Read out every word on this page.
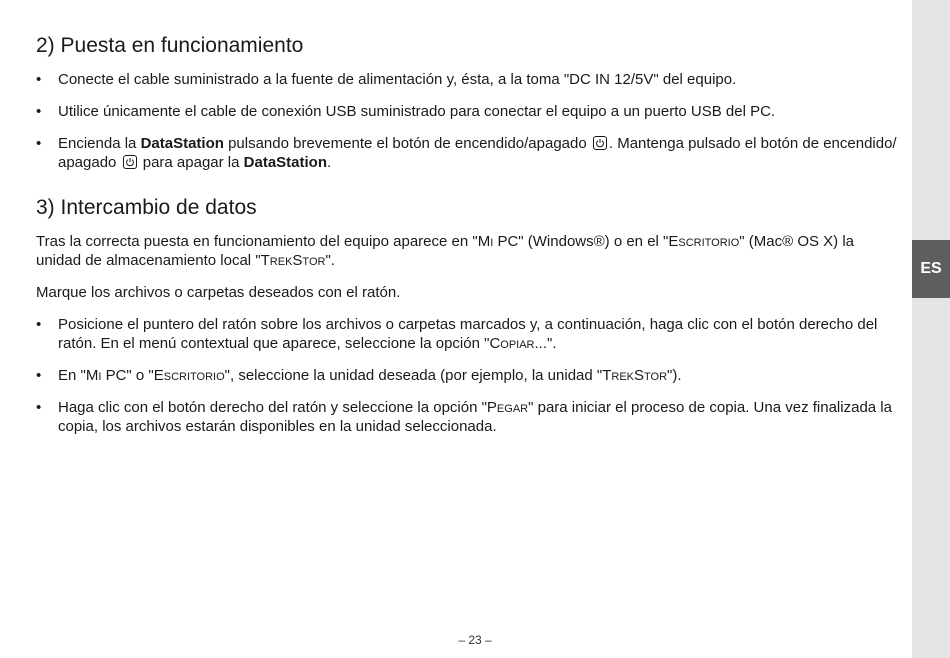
2) Puesta en funcionamiento
• Conecte el cable suministrado a la fuente de alimentación y, ésta, a la toma "DC IN 12/5V" del equipo.
• Utilice únicamente el cable de conexión USB suministrado para conectar el equipo a un puerto USB del PC.
• Encienda la DataStation pulsando brevemente el botón de encendido/apagado
. Mantenga pulsado el botón de encendido/ apagado
para apagar la DataStation.
3) Intercambio de datos

Tras la correcta puesta en funcionamiento del equipo aparece en "Mi PC" (Windows®) o en el "Escritorio" (Mac® OS X) la unidad de almacenamiento local "TrekStor".

Marque los archivos o carpetas deseados con el ratón.

• Posicione el puntero del ratón sobre los archivos o carpetas marcados y, a continuación, haga clic con el botón derecho del ratón. En el menú contextual que aparece, seleccione la opción "Copiar...".
• En "Mi PC" o "Escritorio", seleccione la unidad deseada (por ejemplo, la unidad "TrekStor").
• Haga clic con el botón derecho del ratón y seleccione la opción "Pegar" para iniciar el proceso de copia. Una vez finalizada la copia, los archivos estarán disponibles en la unidad seleccionada.
ES
– 23 –
